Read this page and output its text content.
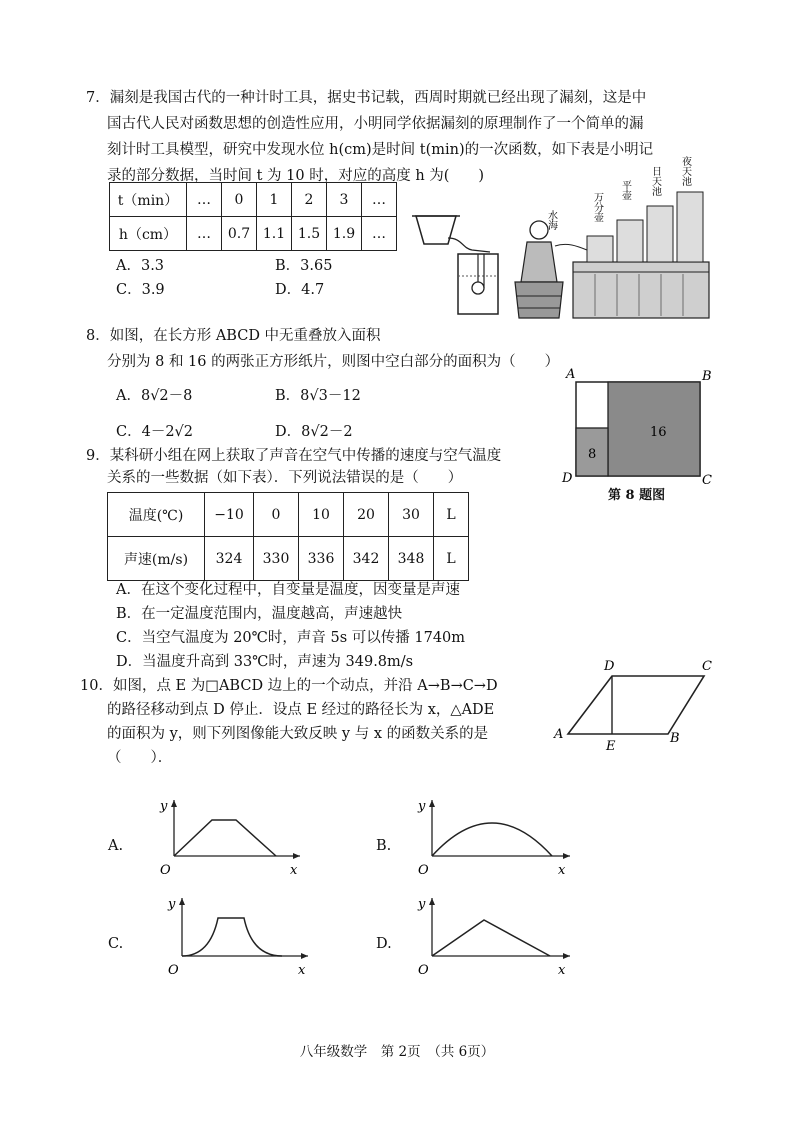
7．漏刻是我国古代的一种计时工具，据史书记载，西周时期就已经出现了漏刻，这是中
国古代人民对函数思想的创造性应用，小明同学依据漏刻的原理制作了一个简单的漏
刻计时工具模型，研究中发现水位 h(cm)是时间 t(min)的一次函数，如下表是小明记
录的部分数据，当时间 t 为 10 时，对应的高度 h 为(　　)
t（min）	…	0	1	2	3	…
h（cm）	…	0.7	1.1	1.5	1.9	…
A．3.3	B．3.65
C．3.9	D．4.7
水海	万分壶
平壶 日天池 夜天池
8．如图，在长方形 ABCD 中无重叠放入面积
分别为 8 和 16 的两张正方形纸片，则图中空白部分的面积为（　　）
A．8√2－8	B．8√3－12
C．4－2√2	D．8√2－2
A	B
C
D
16
8
第 8 题图
9．某科研小组在网上获取了声音在空气中传播的速度与空气温度
关系的一些数据（如下表）．下列说法错误的是（　　）
温度(℃)	−10	0	10	20	30	L
声速(m/s)	324	330	336	342	348	L
A．在这个变化过程中，自变量是温度，因变量是声速
B．在一定温度范围内，温度越高，声速越快
C．当空气温度为 20℃时，声音 5s 可以传播 1740m
D．当温度升高到 33℃时，声速为 349.8m/s
10．如图，点 E 为□ABCD 边上的一个动点，并沿 A→B→C→D
的路径移动到点 D 停止．设点 E 经过的路径长为 x，△ADE
的面积为 y，则下列图像能大致反映 y 与 x 的函数关系的是
（　　）．
D	C
A	B
E
A.
y
x
O
B.
y
x
O
C.
y
x
O
D.
y
x
O
八年级数学　第 2页　（共 6页）
